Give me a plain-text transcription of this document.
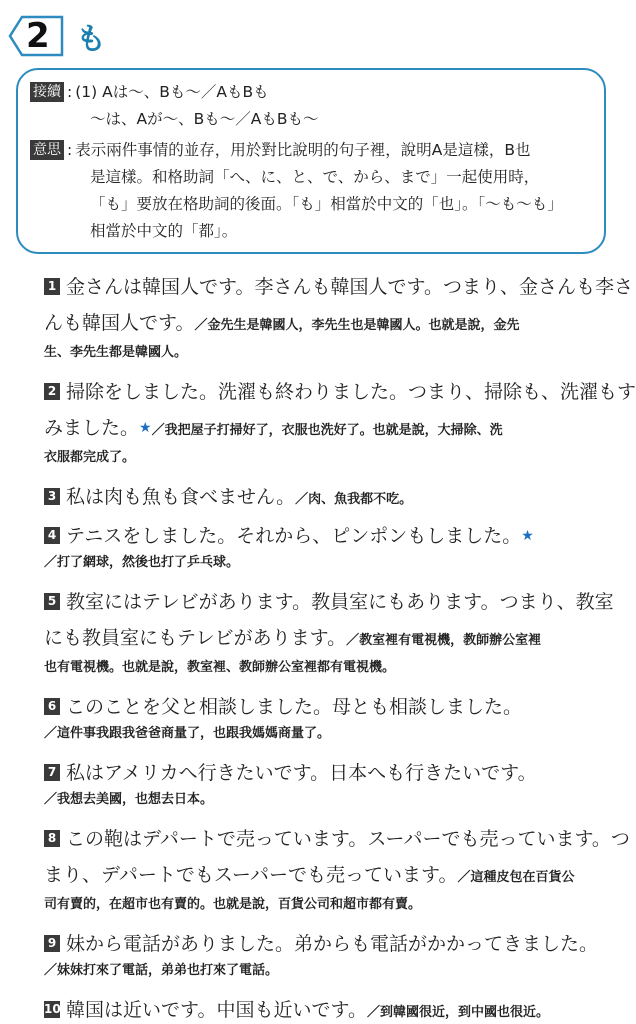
2 も
接續 : (1) Aは～、Bも～／AもBも
～は、Aが～、Bも～／AもBも～
意思 : 表示兩件事情的並存，用於對比說明的句子裡，說明A是這樣，B也
是這樣。和格助詞「へ、に、と、で、から、まで」一起使用時，
「も」要放在格助詞的後面。「も」相當於中文的「也」。「～も～も」
相當於中文的「都」。
1 金さんは韓国人です。李さんも韓国人です。つまり、金さんも李さ
んも韓国人です。／金先生是韓國人，李先生也是韓國人。也就是說，金先
生、李先生都是韓國人。
2 掃除をしました。洗濯も終わりました。つまり、掃除も、洗濯もす
みました。★／我把屋子打掃好了，衣服也洗好了。也就是說，大掃除、洗
衣服都完成了。
3 私は肉も魚も食べません。／肉、魚我都不吃。
4 テニスをしました。それから、ピンポンもしました。★
／打了網球，然後也打了乒乓球。
5 教室にはテレビがあります。教員室にもあります。つまり、教室
にも教員室にもテレビがあります。／教室裡有電視機，教師辦公室裡
也有電視機。也就是說，教室裡、教師辦公室裡都有電視機。
6 このことを父と相談しました。母とも相談しました。
／這件事我跟我爸爸商量了，也跟我媽媽商量了。
7 私はアメリカへ行きたいです。日本へも行きたいです。
／我想去美國，也想去日本。
8 この鞄はデパートで売っています。スーパーでも売っています。つ
まり、デパートでもスーパーでも売っています。／這種皮包在百貨公
司有賣的，在超市也有賣的。也就是說，百貨公司和超市都有賣。
9 妹から電話がありました。弟からも電話がかかってきました。
／妹妹打來了電話，弟弟也打來了電話。
10 韓国は近いです。中国も近いです。／到韓國很近，到中國也很近。
